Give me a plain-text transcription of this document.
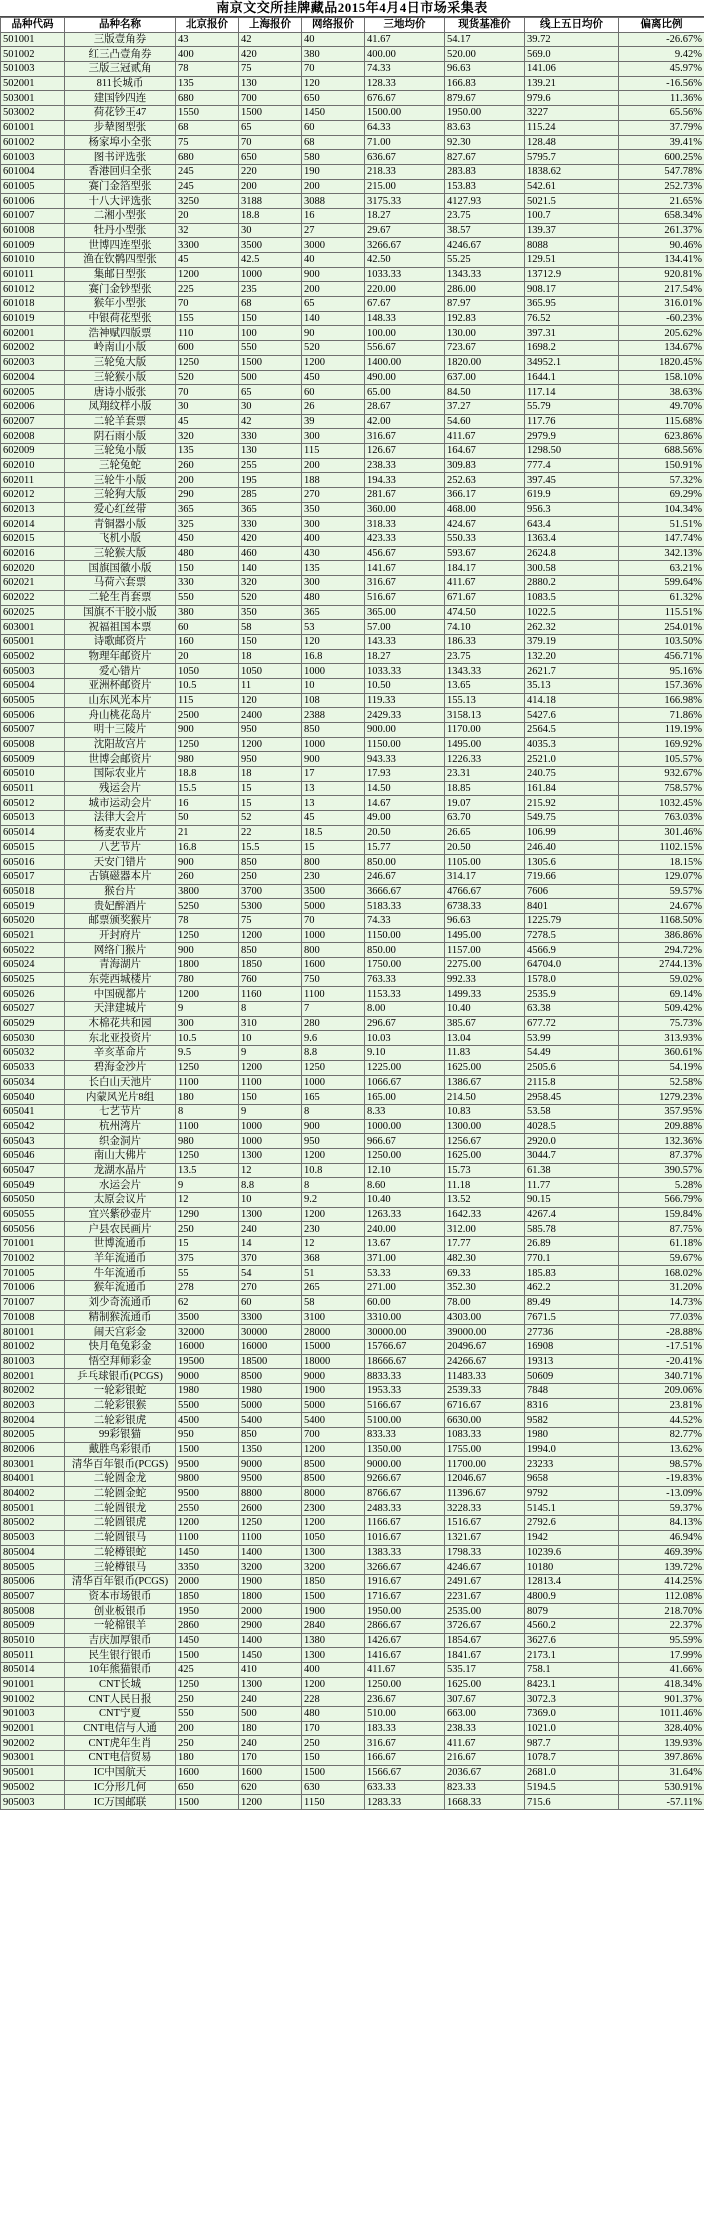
南京文交所挂牌藏品2015年4月4日市场采集表
品种代码	品种名称	北京报价	上海报价	网络报价	三地均价	现货基准价	线上五日均价	偏离比例
501001	三版壹角券	43	42	40	41.67	54.17	39.72	-26.67%
501002	红三凸壹角券	400	420	380	400.00	520.00	569.0	9.42%
501003	三版三冠贰角	78	75	70	74.33	96.63	141.06	45.97%
502001	811长城币	135	130	120	128.33	166.83	139.21	-16.56%
503001	建国钞四连	680	700	650	676.67	879.67	979.6	11.36%
503002	荷花钞王47	1550	1500	1450	1500.00	1950.00	3227	65.56%
601001	步辇图型张	68	65	60	64.33	83.63	115.24	37.79%
601002	杨家埠小全张	75	70	68	71.00	92.30	128.48	39.41%
601003	图书评选张	680	650	580	636.67	827.67	5795.7	600.25%
601004	香港回归全张	245	220	190	218.33	283.83	1838.62	547.78%
601005	赛门金箔型张	245	200	200	215.00	153.83	542.61	252.73%
601006	十八大评选张	3250	3188	3088	3175.33	4127.93	5021.5	21.65%
601007	二湘小型张	20	18.8	16	18.27	23.75	100.7	658.34%
601008	牡丹小型张	32	30	27	29.67	38.57	139.37	261.37%
601009	世博四连型张	3300	3500	3000	3266.67	4246.67	8088	90.46%
601010	渔在钦鹘四型张	45	42.5	40	42.50	55.25	129.51	134.41%
601011	集邮日型张	1200	1000	900	1033.33	1343.33	13712.9	920.81%
601012	赛门金钞型张	225	235	200	220.00	286.00	908.17	217.54%
601018	猴年小型张	70	68	65	67.67	87.97	365.95	316.01%
601019	中银荷花型张	155	150	140	148.33	192.83	76.52	-60.23%
602001	浩神赋四版票	110	100	90	100.00	130.00	397.31	205.62%
602002	岭南山小版	600	550	520	556.67	723.67	1698.2	134.67%
602003	三轮兔大版	1250	1500	1200	1400.00	1820.00	34952.1	1820.45%
602004	三轮猴小版	520	500	450	490.00	637.00	1644.1	158.10%
602005	唐诗小版张	70	65	60	65.00	84.50	117.14	38.63%
602006	凤翔纹样小版	30	30	26	28.67	37.27	55.79	49.70%
602007	二轮羊套票	45	42	39	42.00	54.60	117.76	115.68%
602008	阴石雨小版	320	330	300	316.67	411.67	2979.9	623.86%
602009	三轮兔小版	135	130	115	126.67	164.67	1298.50	688.56%
602010	三轮兔蛇	260	255	200	238.33	309.83	777.4	150.91%
602011	三轮牛小版	200	195	188	194.33	252.63	397.45	57.32%
602012	三轮狗大版	290	285	270	281.67	366.17	619.9	69.29%
602013	爱心红丝带	365	365	350	360.00	468.00	956.3	104.34%
602014	青铜器小版	325	330	300	318.33	424.67	643.4	51.51%
602015	飞机小版	450	420	400	423.33	550.33	1363.4	147.74%
602016	三轮猴大版	480	460	430	456.67	593.67	2624.8	342.13%
602020	国旗国徽小版	150	140	135	141.67	184.17	300.58	63.21%
602021	马荷六套票	330	320	300	316.67	411.67	2880.2	599.64%
602022	二轮生肖套票	550	520	480	516.67	671.67	1083.5	61.32%
602025	国旗不干胶小版	380	350	365	365.00	474.50	1022.5	115.51%
603001	祝福祖国本票	60	58	53	57.00	74.10	262.32	254.01%
605001	诗歌邮资片	160	150	120	143.33	186.33	379.19	103.50%
605002	物理年邮资片	20	18	16.8	18.27	23.75	132.20	456.71%
605003	爱心错片	1050	1050	1000	1033.33	1343.33	2621.7	95.16%
605004	亚洲杯邮资片	10.5	11	10	10.50	13.65	35.13	157.36%
605005	山东风光本片	115	120	108	119.33	155.13	414.18	166.98%
605006	舟山桃花岛片	2500	2400	2388	2429.33	3158.13	5427.6	71.86%
605007	明十三陵片	900	950	850	900.00	1170.00	2564.5	119.19%
605008	沈阳故宫片	1250	1200	1000	1150.00	1495.00	4035.3	169.92%
605009	世博会邮资片	980	950	900	943.33	1226.33	2521.0	105.57%
605010	国际农业片	18.8	18	17	17.93	23.31	240.75	932.67%
605011	残运会片	15.5	15	13	14.50	18.85	161.84	758.57%
605012	城市运动会片	16	15	13	14.67	19.07	215.92	1032.45%
605013	法律大会片	50	52	45	49.00	63.70	549.75	763.03%
605014	杨麦农业片	21	22	18.5	20.50	26.65	106.99	301.46%
605015	八艺节片	16.8	15.5	15	15.77	20.50	246.40	1102.15%
605016	天安门错片	900	850	800	850.00	1105.00	1305.6	18.15%
605017	古镇磁器本片	260	250	230	246.67	314.17	719.66	129.07%
605018	猴台片	3800	3700	3500	3666.67	4766.67	7606	59.57%
605019	贵妃醉酒片	5250	5300	5000	5183.33	6738.33	8401	24.67%
605020	邮票颁奖猴片	78	75	70	74.33	96.63	1225.79	1168.50%
605021	开封府片	1250	1200	1000	1150.00	1495.00	7278.5	386.86%
605022	网络门猴片	900	850	800	850.00	1157.00	4566.9	294.72%
605024	青海湖片	1800	1850	1600	1750.00	2275.00	64704.0	2744.13%
605025	东莞西城楼片	780	760	750	763.33	992.33	1578.0	59.02%
605026	中国砚都片	1200	1160	1100	1153.33	1499.33	2535.9	69.14%
605027	天津建城片	9	8	7	8.00	10.40	63.38	509.42%
605029	木棉花共和园	300	310	280	296.67	385.67	677.72	75.73%
605030	东北亚投资片	10.5	10	9.6	10.03	13.04	53.99	313.93%
605032	辛亥革命片	9.5	9	8.8	9.10	11.83	54.49	360.61%
605033	碧海金沙片	1250	1200	1250	1225.00	1625.00	2505.6	54.19%
605034	长白山天池片	1100	1100	1000	1066.67	1386.67	2115.8	52.58%
605040	内蒙风光片8组	180	150	165	165.00	214.50	2958.45	1279.23%
605041	七艺节片	8	9	8	8.33	10.83	53.58	357.95%
605042	杭州湾片	1100	1000	900	1000.00	1300.00	4028.5	209.88%
605043	织金洞片	980	1000	950	966.67	1256.67	2920.0	132.36%
605046	南山大佛片	1250	1300	1200	1250.00	1625.00	3044.7	87.37%
605047	龙湖水晶片	13.5	12	10.8	12.10	15.73	61.38	390.57%
605049	水运会片	9	8.8	8	8.60	11.18	11.77	5.28%
605050	太原会议片	12	10	9.2	10.40	13.52	90.15	566.79%
605055	宜兴紫砂壶片	1290	1300	1200	1263.33	1642.33	4267.4	159.84%
605056	户县农民画片	250	240	230	240.00	312.00	585.78	87.75%
701001	世博流通币	15	14	12	13.67	17.77	26.89	61.18%
701002	羊年流通币	375	370	368	371.00	482.30	770.1	59.67%
701005	牛年流通币	55	54	51	53.33	69.33	185.83	168.02%
701006	猴年流通币	278	270	265	271.00	352.30	462.2	31.20%
701007	刘少奇流通币	62	60	58	60.00	78.00	89.49	14.73%
701008	精制猴流通币	3500	3300	3100	3310.00	4303.00	7671.5	77.03%
801001	闹天宫彩金	32000	30000	28000	30000.00	39000.00	27736	-28.88%
801002	快月龟兔彩金	16000	16000	15000	15766.67	20496.67	16908	-17.51%
801003	悟空拜师彩金	19500	18500	18000	18666.67	24266.67	19313	-20.41%
802001	乒乓球银币(PCGS)	9000	8500	9000	8833.33	11483.33	50609	340.71%
802002	一轮彩银蛇	1980	1980	1900	1953.33	2539.33	7848	209.06%
802003	二轮彩银猴	5500	5000	5000	5166.67	6716.67	8316	23.81%
802004	二轮彩银虎	4500	5400	5400	5100.00	6630.00	9582	44.52%
802005	99彩银猫	950	850	700	833.33	1083.33	1980	82.77%
802006	戴胜鸟彩银币	1500	1350	1200	1350.00	1755.00	1994.0	13.62%
803001	清华百年银币(PCGS)	9500	9000	8500	9000.00	11700.00	23233	98.57%
804001	二轮圆金龙	9800	9500	8500	9266.67	12046.67	9658	-19.83%
804002	二轮圆金蛇	9500	8800	8000	8766.67	11396.67	9792	-13.09%
805001	二轮圆银龙	2550	2600	2300	2483.33	3228.33	5145.1	59.37%
805002	二轮圆银虎	1200	1250	1200	1166.67	1516.67	2792.6	84.13%
805003	二轮圆银马	1100	1100	1050	1016.67	1321.67	1942	46.94%
805004	二轮樽银蛇	1450	1400	1300	1383.33	1798.33	10239.6	469.39%
805005	三轮樽银马	3350	3200	3200	3266.67	4246.67	10180	139.72%
805006	清华百年银币(PCGS)	2000	1900	1850	1916.67	2491.67	12813.4	414.25%
805007	资本市场银币	1850	1800	1500	1716.67	2231.67	4800.9	112.08%
805008	创业板银币	1950	2000	1900	1950.00	2535.00	8079	218.70%
805009	一轮棉银羊	2860	2900	2840	2866.67	3726.67	4560.2	22.37%
805010	吉庆加厚银币	1450	1400	1380	1426.67	1854.67	3627.6	95.59%
805011	民生银行银币	1500	1450	1300	1416.67	1841.67	2173.1	17.99%
805014	10年熊猫银币	425	410	400	411.67	535.17	758.1	41.66%
901001	CNT长城	1250	1300	1200	1250.00	1625.00	8423.1	418.34%
901002	CNT人民日报	250	240	228	236.67	307.67	3072.3	901.37%
901003	CNT宁夏	550	500	480	510.00	663.00	7369.0	1011.46%
902001	CNT电信与人通	200	180	170	183.33	238.33	1021.0	328.40%
902002	CNT虎年生肖	250	240	250	316.67	411.67	987.7	139.93%
903001	CNT电信贸易	180	170	150	166.67	216.67	1078.7	397.86%
905001	IC中国航天	1600	1600	1500	1566.67	2036.67	2681.0	31.64%
905002	IC分形几何	650	620	630	633.33	823.33	5194.5	530.91%
905003	IC万国邮联	1500	1200	1150	1283.33	1668.33	715.6	-57.11%
